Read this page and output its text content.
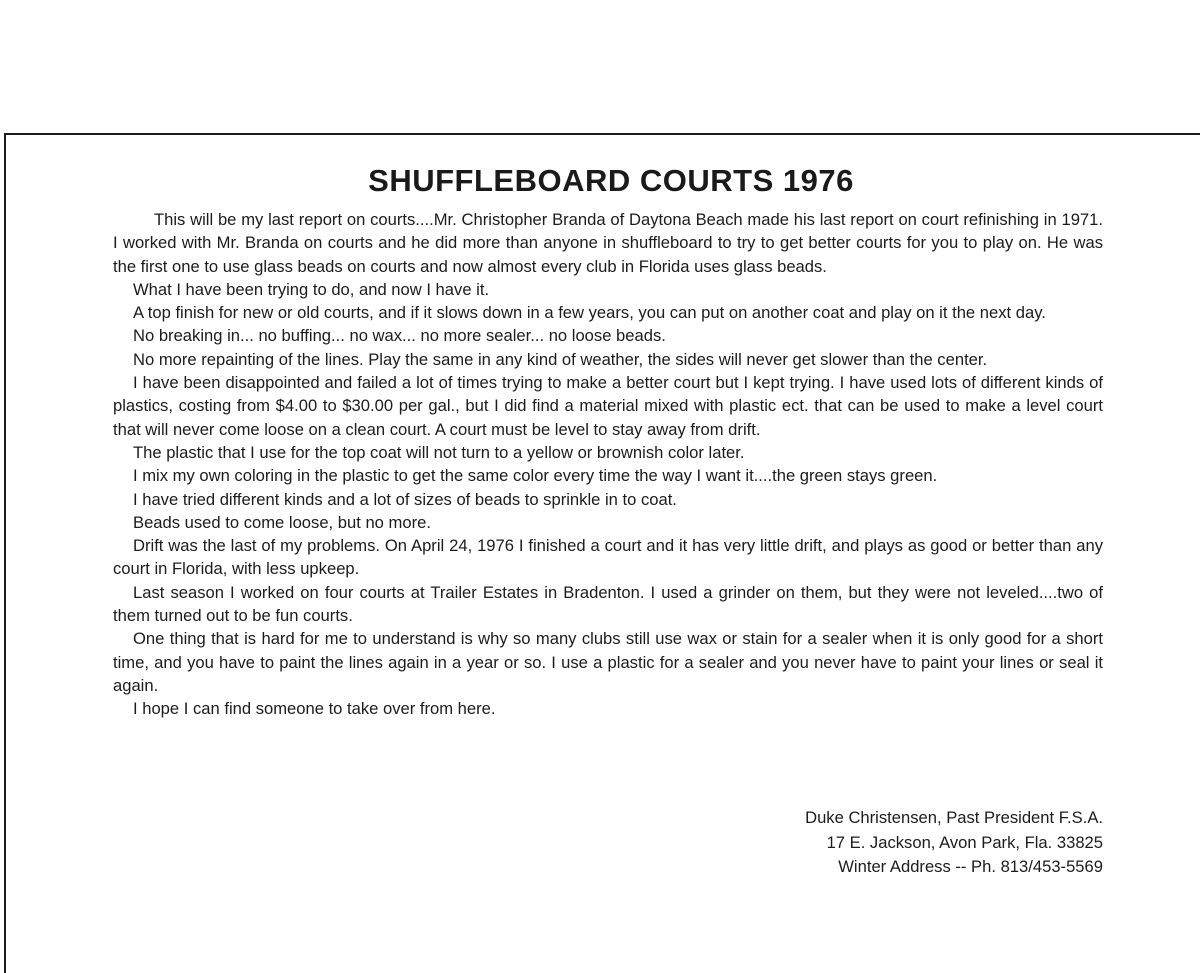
SHUFFLEBOARD COURTS 1976

This will be my last report on courts....Mr. Christopher Branda of Daytona Beach made his last report on court refinishing in 1971. I worked with Mr. Branda on courts and he did more than anyone in shuffleboard to try to get better courts for you to play on. He was the first one to use glass beads on courts and now almost every club in Florida uses glass beads.

What I have been trying to do, and now I have it.

A top finish for new or old courts, and if it slows down in a few years, you can put on another coat and play on it the next day.

No breaking in... no buffing... no wax... no more sealer... no loose beads.

No more repainting of the lines. Play the same in any kind of weather, the sides will never get slower than the center.

I have been disappointed and failed a lot of times trying to make a better court but I kept trying. I have used lots of different kinds of plastics, costing from $4.00 to $30.00 per gal., but I did find a material mixed with plastic ect. that can be used to make a level court that will never come loose on a clean court. A court must be level to stay away from drift.

The plastic that I use for the top coat will not turn to a yellow or brownish color later.

I mix my own coloring in the plastic to get the same color every time the way I want it....the green stays green.

I have tried different kinds and a lot of sizes of beads to sprinkle in to coat.

Beads used to come loose, but no more.

Drift was the last of my problems. On April 24, 1976 I finished a court and it has very little drift, and plays as good or better than any court in Florida, with less upkeep.

Last season I worked on four courts at Trailer Estates in Bradenton. I used a grinder on them, but they were not leveled....two of them turned out to be fun courts.

One thing that is hard for me to understand is why so many clubs still use wax or stain for a sealer when it is only good for a short time, and you have to paint the lines again in a year or so. I use a plastic for a sealer and you never have to paint your lines or seal it again.

I hope I can find someone to take over from here.

Duke Christensen, Past President F.S.A.
17 E. Jackson, Avon Park, Fla. 33825
Winter Address -- Ph. 813/453-5569
